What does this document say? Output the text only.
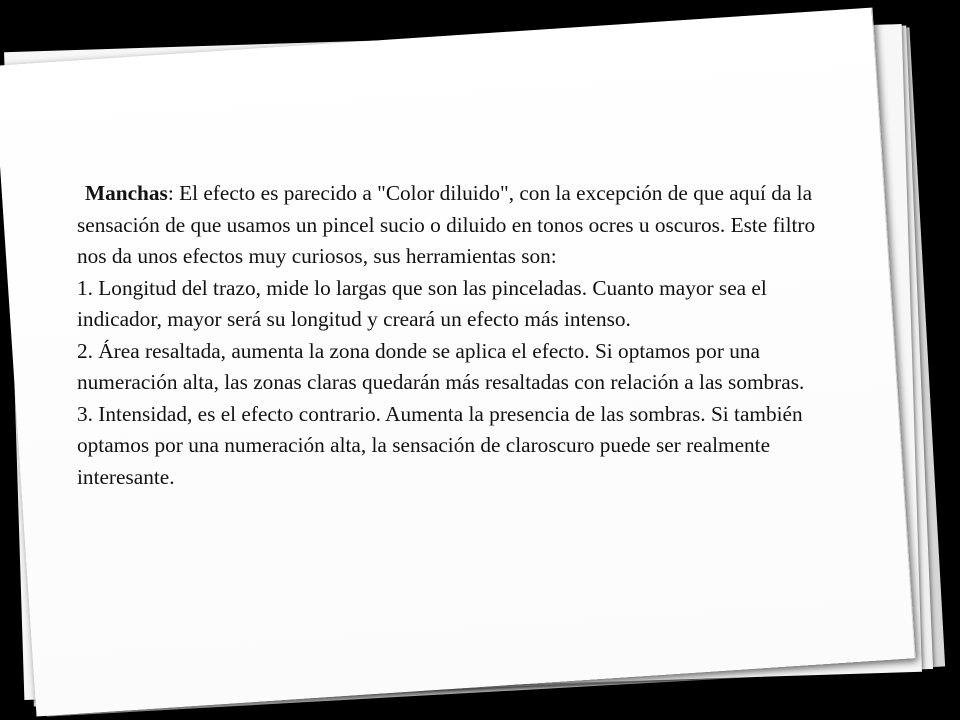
Manchas: El efecto es parecido a "Color diluido", con la excepción de que aquí da la sensación de que usamos un pincel sucio o diluido en tonos ocres u oscuros. Este filtro nos da unos efectos muy curiosos, sus herramientas son:

1. Longitud del trazo, mide lo largas que son las pinceladas. Cuanto mayor sea el indicador, mayor será su longitud y creará un efecto más intenso.

2. Área resaltada, aumenta la zona donde se aplica el efecto. Si optamos por una numeración alta, las zonas claras quedarán más resaltadas con relación a las sombras.

3. Intensidad, es el efecto contrario. Aumenta la presencia de las sombras. Si también optamos por una numeración alta, la sensación de claroscuro puede ser realmente interesante.
